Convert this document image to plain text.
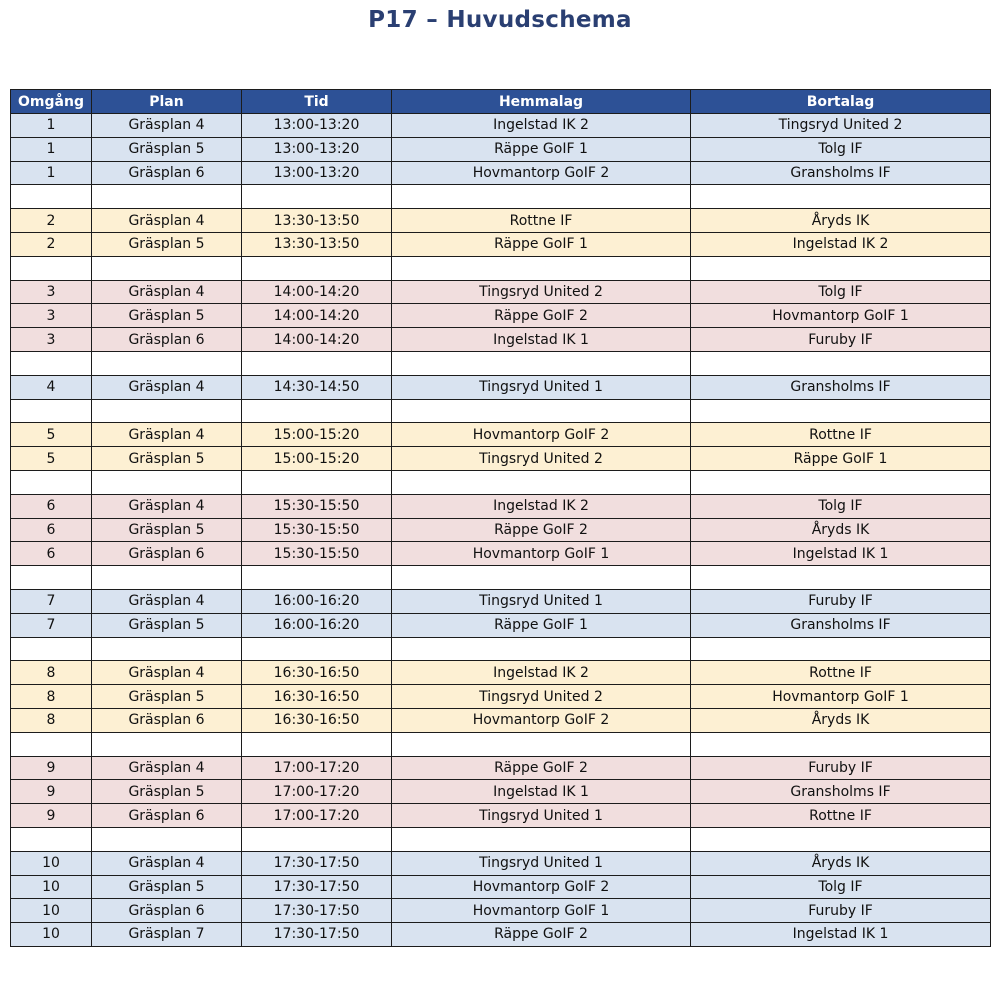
P17 – Huvudschema
Omgång	Plan	Tid	Hemmalag	Bortalag
1	Gräsplan 4	13:00-13:20	Ingelstad IK 2	Tingsryd United 2
1	Gräsplan 5	13:00-13:20	Räppe GoIF 1	Tolg IF
1	Gräsplan 6	13:00-13:20	Hovmantorp GoIF 2	Gransholms IF

2	Gräsplan 4	13:30-13:50	Rottne IF	Åryds IK
2	Gräsplan 5	13:30-13:50	Räppe GoIF 1	Ingelstad IK 2

3	Gräsplan 4	14:00-14:20	Tingsryd United 2	Tolg IF
3	Gräsplan 5	14:00-14:20	Räppe GoIF 2	Hovmantorp GoIF 1
3	Gräsplan 6	14:00-14:20	Ingelstad IK 1	Furuby IF

4	Gräsplan 4	14:30-14:50	Tingsryd United 1	Gransholms IF

5	Gräsplan 4	15:00-15:20	Hovmantorp GoIF 2	Rottne IF
5	Gräsplan 5	15:00-15:20	Tingsryd United 2	Räppe GoIF 1

6	Gräsplan 4	15:30-15:50	Ingelstad IK 2	Tolg IF
6	Gräsplan 5	15:30-15:50	Räppe GoIF 2	Åryds IK
6	Gräsplan 6	15:30-15:50	Hovmantorp GoIF 1	Ingelstad IK 1

7	Gräsplan 4	16:00-16:20	Tingsryd United 1	Furuby IF
7	Gräsplan 5	16:00-16:20	Räppe GoIF 1	Gransholms IF

8	Gräsplan 4	16:30-16:50	Ingelstad IK 2	Rottne IF
8	Gräsplan 5	16:30-16:50	Tingsryd United 2	Hovmantorp GoIF 1
8	Gräsplan 6	16:30-16:50	Hovmantorp GoIF 2	Åryds IK

9	Gräsplan 4	17:00-17:20	Räppe GoIF 2	Furuby IF
9	Gräsplan 5	17:00-17:20	Ingelstad IK 1	Gransholms IF
9	Gräsplan 6	17:00-17:20	Tingsryd United 1	Rottne IF

10	Gräsplan 4	17:30-17:50	Tingsryd United 1	Åryds IK
10	Gräsplan 5	17:30-17:50	Hovmantorp GoIF 2	Tolg IF
10	Gräsplan 6	17:30-17:50	Hovmantorp GoIF 1	Furuby IF
10	Gräsplan 7	17:30-17:50	Räppe GoIF 2	Ingelstad IK 1
